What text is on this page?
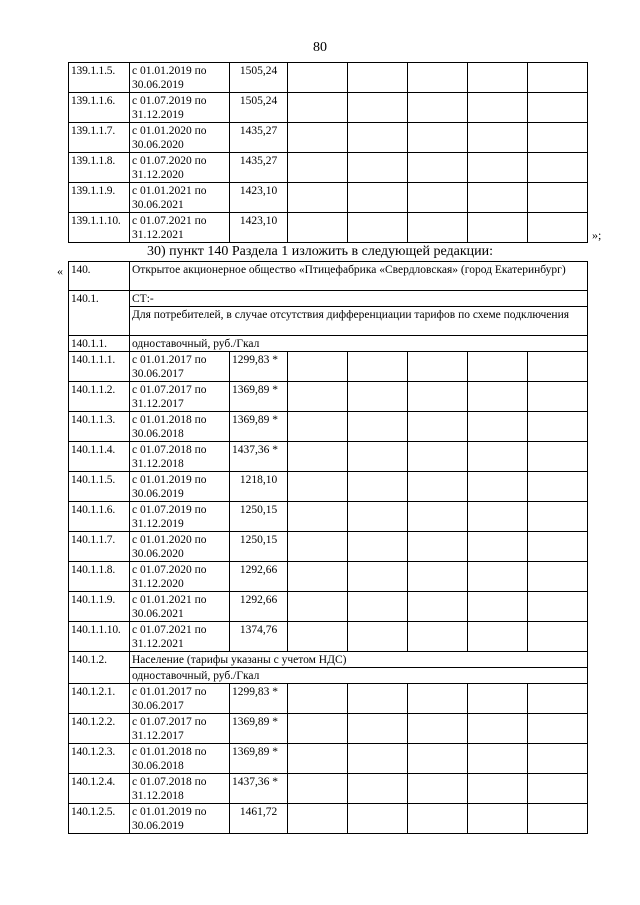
80
139.1.1.5.	с 01.01.2019 по 30.06.2019	1505,24					
139.1.1.6.	с 01.07.2019 по 31.12.2019	1505,24					
139.1.1.7.	с 01.01.2020 по 30.06.2020	1435,27					
139.1.1.8.	с 01.07.2020 по 31.12.2020	1435,27					
139.1.1.9.	с 01.01.2021 по 30.06.2021	1423,10					
139.1.1.10.	с 01.07.2021 по 31.12.2021	1423,10					
»;
30) пункт 140 Раздела 1 изложить в следующей редакции:
« 140.	Открытое акционерное общество «Птицефабрика «Свердловская» (город Екатеринбург)						
140.1.	СТ:-						
	Для потребителей, в случае отсутствия дифференциации тарифов по схеме подключения						
140.1.1.	одноставочный, руб./Гкал						
140.1.1.1.	с 01.01.2017 по 30.06.2017	1299,83 *					
140.1.1.2.	с 01.07.2017 по 31.12.2017	1369,89 *					
140.1.1.3.	с 01.01.2018 по 30.06.2018	1369,89 *					
140.1.1.4.	с 01.07.2018 по 31.12.2018	1437,36 *					
140.1.1.5.	с 01.01.2019 по 30.06.2019	1218,10					
140.1.1.6.	с 01.07.2019 по 31.12.2019	1250,15					
140.1.1.7.	с 01.01.2020 по 30.06.2020	1250,15					
140.1.1.8.	с 01.07.2020 по 31.12.2020	1292,66					
140.1.1.9.	с 01.01.2021 по 30.06.2021	1292,66					
140.1.1.10.	с 01.07.2021 по 31.12.2021	1374,76					
140.1.2.	Население (тарифы указаны с учетом НДС)						
	одноставочный, руб./Гкал						
140.1.2.1.	с 01.01.2017 по 30.06.2017	1299,83 *					
140.1.2.2.	с 01.07.2017 по 31.12.2017	1369,89 *					
140.1.2.3.	с 01.01.2018 по 30.06.2018	1369,89 *					
140.1.2.4.	с 01.07.2018 по 31.12.2018	1437,36 *					
140.1.2.5.	с 01.01.2019 по 30.06.2019	1461,72					
